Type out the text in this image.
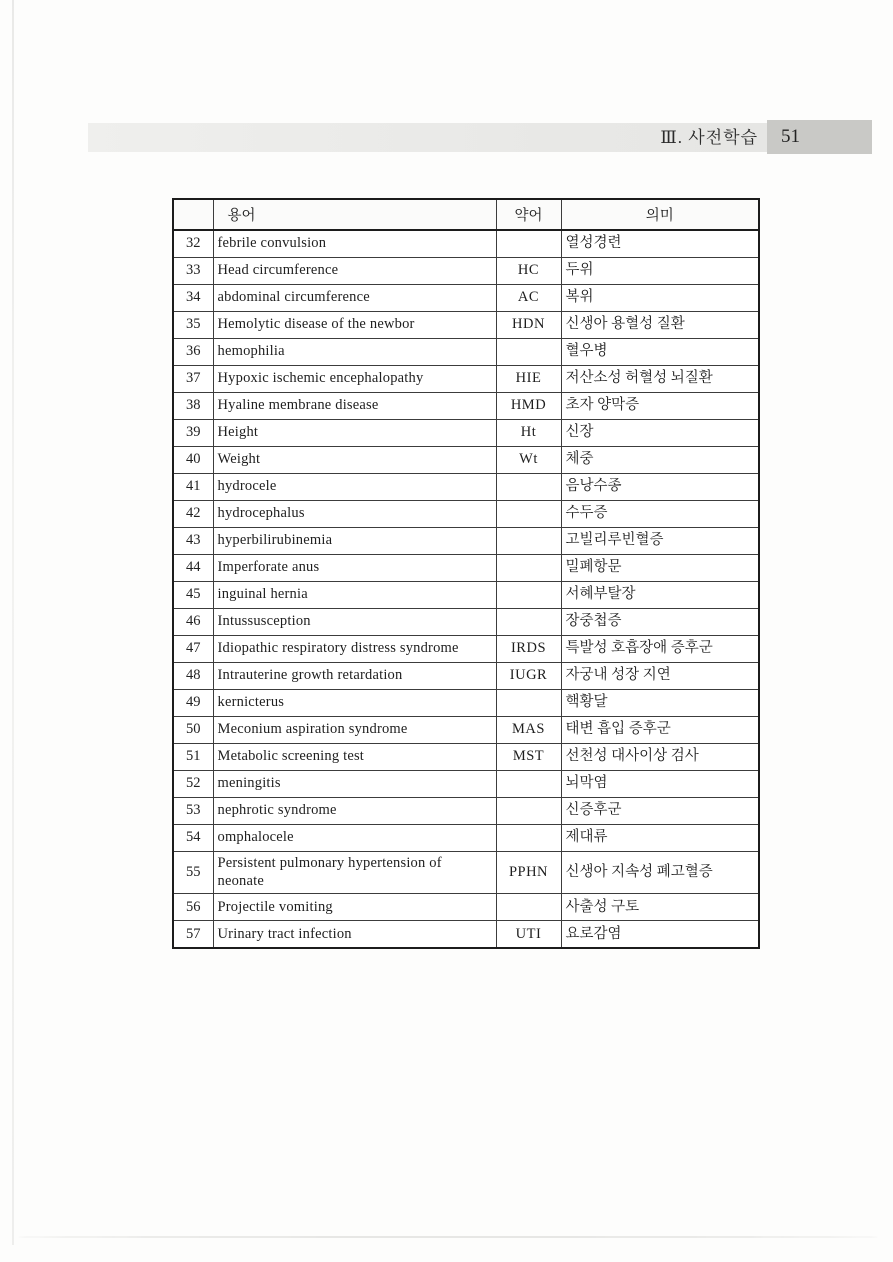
Ⅲ. 사전학습	51
	용어	약어	의미
32	febrile convulsion		열성경련
33	Head circumference	HC	두위
34	abdominal circumference	AC	복위
35	Hemolytic disease of the newbor	HDN	신생아 용혈성 질환
36	hemophilia		혈우병
37	Hypoxic ischemic encephalopathy	HIE	저산소성 허혈성 뇌질환
38	Hyaline membrane disease	HMD	초자 양막증
39	Height	Ht	신장
40	Weight	Wt	체중
41	hydrocele		음낭수종
42	hydrocephalus		수두증
43	hyperbilirubinemia		고빌리루빈혈증
44	Imperforate anus		밀폐항문
45	inguinal hernia		서혜부탈장
46	Intussusception		장중첩증
47	Idiopathic respiratory distress syndrome	IRDS	특발성 호흡장애 증후군
48	Intrauterine growth retardation	IUGR	자궁내 성장 지연
49	kernicterus		핵황달
50	Meconium aspiration syndrome	MAS	태변 흡입 증후군
51	Metabolic screening test	MST	선천성 대사이상 검사
52	meningitis		뇌막염
53	nephrotic syndrome		신증후군
54	omphalocele		제대류
55	Persistent pulmonary hypertension of neonate	PPHN	신생아 지속성 폐고혈증
56	Projectile vomiting		사출성 구토
57	Urinary tract infection	UTI	요로감염
